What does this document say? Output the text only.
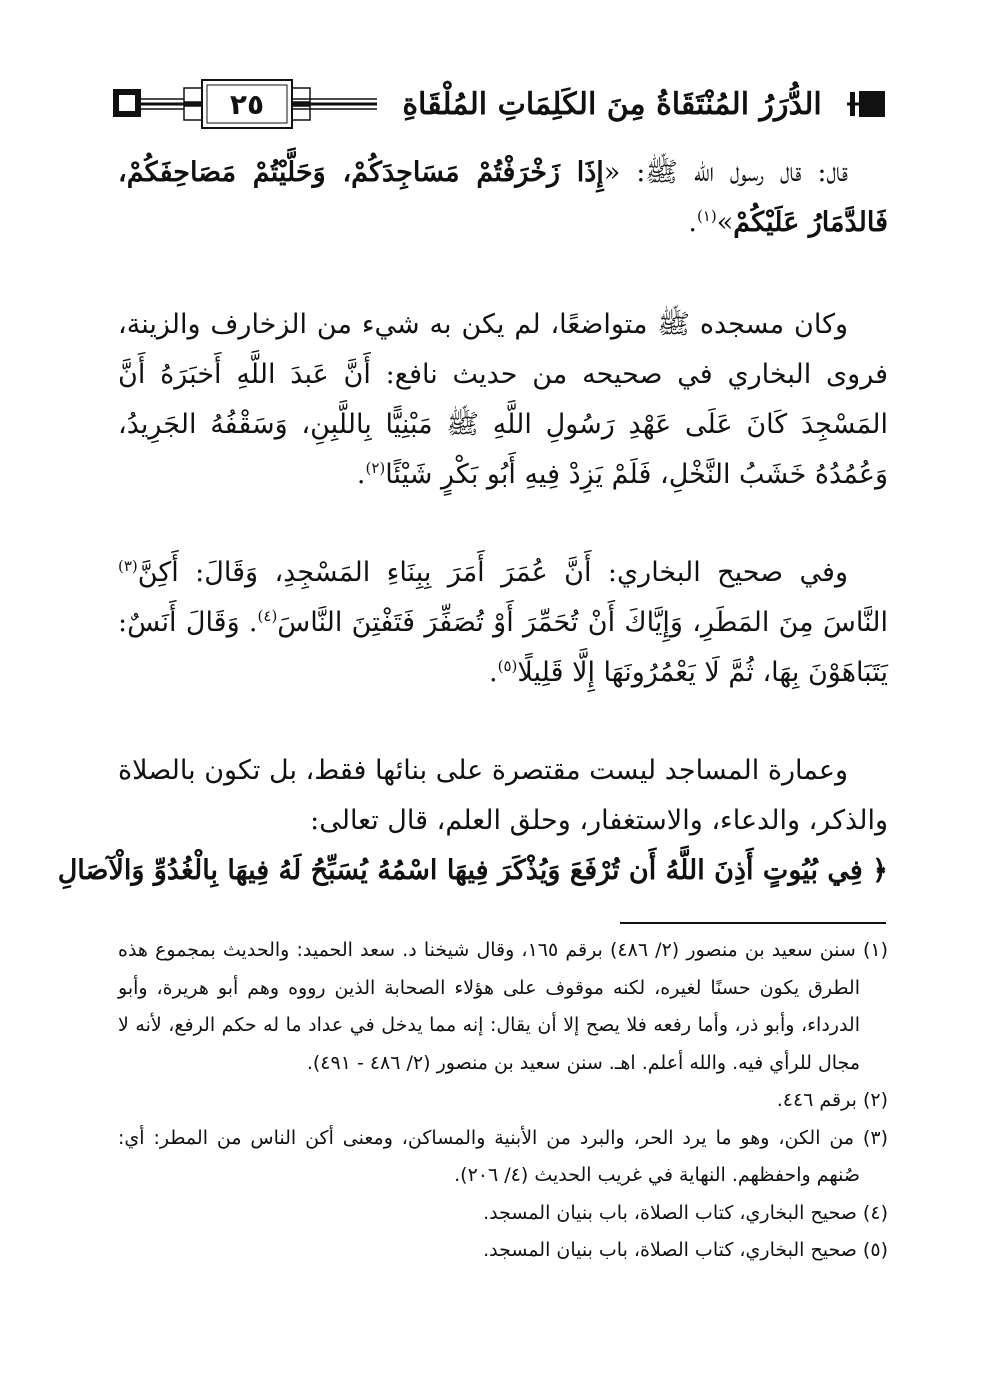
الدُّرَرُ المُنْتَقَاةُ مِنَ الكَلِمَاتِ المُلْقَاةِ
٢٥

قال: قال رسول الله ﷺ: «إِذَا زَخْرَفْتُمْ مَسَاجِدَكُمْ، وَحَلَّيْتُمْ مَصَاحِفَكُمْ، فَالدَّمَارُ عَلَيْكُمْ»$^{(١)}$.

وكان مسجده ﷺ متواضعًا، لم يكن به شيء من الزخارف والزينة، فروى البخاري في صحيحه من حديث نافع: أَنَّ عَبدَ اللَّهِ أَخبَرَهُ أَنَّ المَسْجِدَ كَانَ عَلَى عَهْدِ رَسُولِ اللَّهِ ﷺ مَبْنِيًّا بِاللَّبِنِ، وَسَقْفُهُ الجَرِيدُ، وَعُمُدُهُ خَشَبُ النَّخْلِ، فَلَمْ يَزِدْ فِيهِ أَبُو بَكْرٍ شَيْئًا$^{(٢)}$.

وفي صحيح البخاري: أَنَّ عُمَرَ أَمَرَ بِبِنَاءِ المَسْجِدِ، وَقَالَ: أَكِنَّ$^{(٣)}$ النَّاسَ مِنَ المَطَرِ، وَإِيَّاكَ أَنْ تُحَمِّرَ أَوْ تُصَفِّرَ فَتَفْتِنَ النَّاسَ$^{(٤)}$. وَقَالَ أَنَسٌ: يَتَبَاهَوْنَ بِهَا، ثُمَّ لَا يَعْمُرُونَهَا إِلَّا قَلِيلًا$^{(٥)}$.

وعمارة المساجد ليست مقتصرة على بنائها فقط، بل تكون بالصلاة والذكر، والدعاء، والاستغفار، وحلق العلم، قال تعالى:

﴿ فِي بُيُوتٍ أَذِنَ اللَّهُ أَن تُرْفَعَ وَيُذْكَرَ فِيهَا اسْمُهُ يُسَبِّحُ لَهُ فِيهَا بِالْغُدُوِّ وَالْآصَالِ

(١) سنن سعيد بن منصور (٢/ ٤٨٦) برقم ١٦٥، وقال شيخنا د. سعد الحميد: والحديث بمجموع هذه الطرق يكون حسنًا لغيره، لكنه موقوف على هؤلاء الصحابة الذين رووه وهم أبو هريرة، وأبو الدرداء، وأبو ذر، وأما رفعه فلا يصح إلا أن يقال: إنه مما يدخل في عداد ما له حكم الرفع، لأنه لا مجال للرأي فيه. والله أعلم. اهـ. سنن سعيد بن منصور (٢/ ٤٨٦ - ٤٩١).

(٢) برقم ٤٤٦.

(٣) من الكن، وهو ما يرد الحر، والبرد من الأبنية والمساكن، ومعنى أكن الناس من المطر: أي: صُنهم واحفظهم. النهاية في غريب الحديث (٤/ ٢٠٦).

(٤) صحيح البخاري، كتاب الصلاة، باب بنيان المسجد.

(٥) صحيح البخاري، كتاب الصلاة، باب بنيان المسجد.
